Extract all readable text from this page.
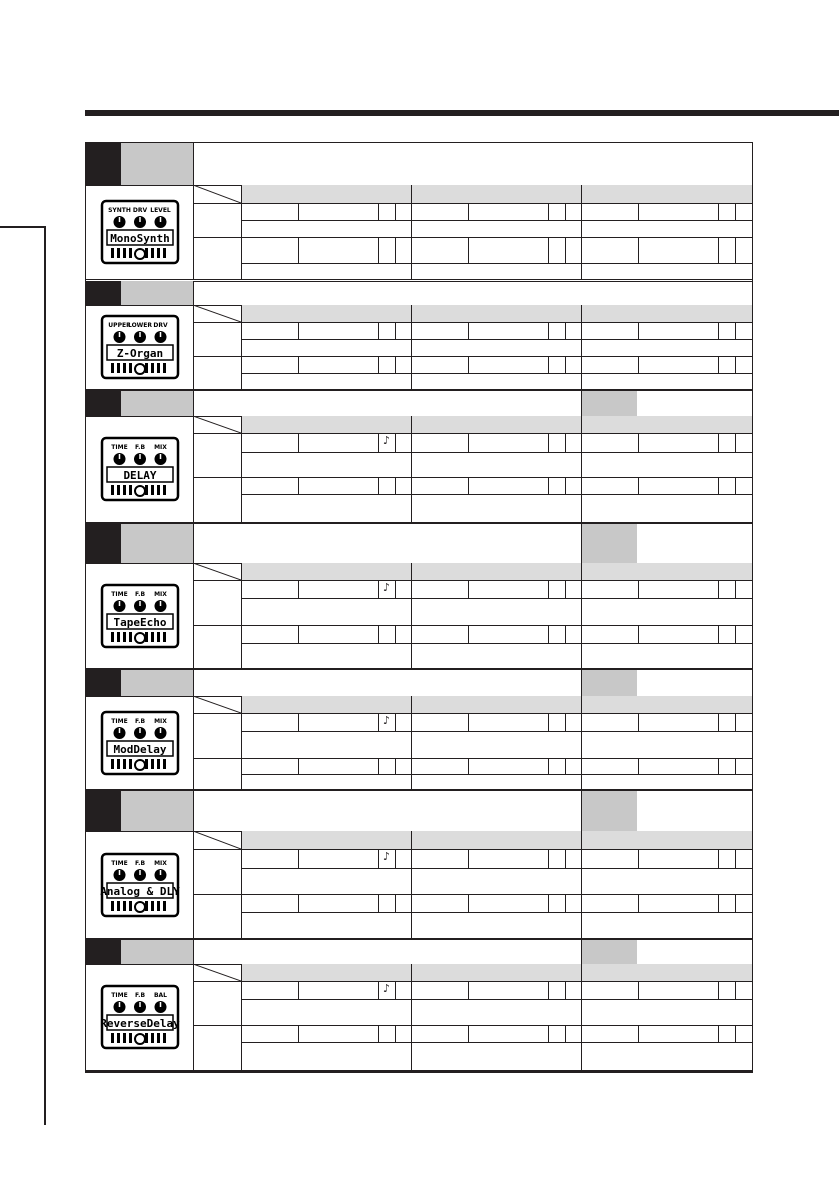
SYNTH DRV LEVEL
MonoSynth
UPPER
LOWER DRV
Z-Organ
♪
TIME F.B MIX
DELAY
♪
TIME F.B MIX
TapeEcho
♪
TIME F.B MIX
ModDelay
♪
TIME F.B MIX
Analog & DLY
♪
TIME F.B BAL
ReverseDelay
